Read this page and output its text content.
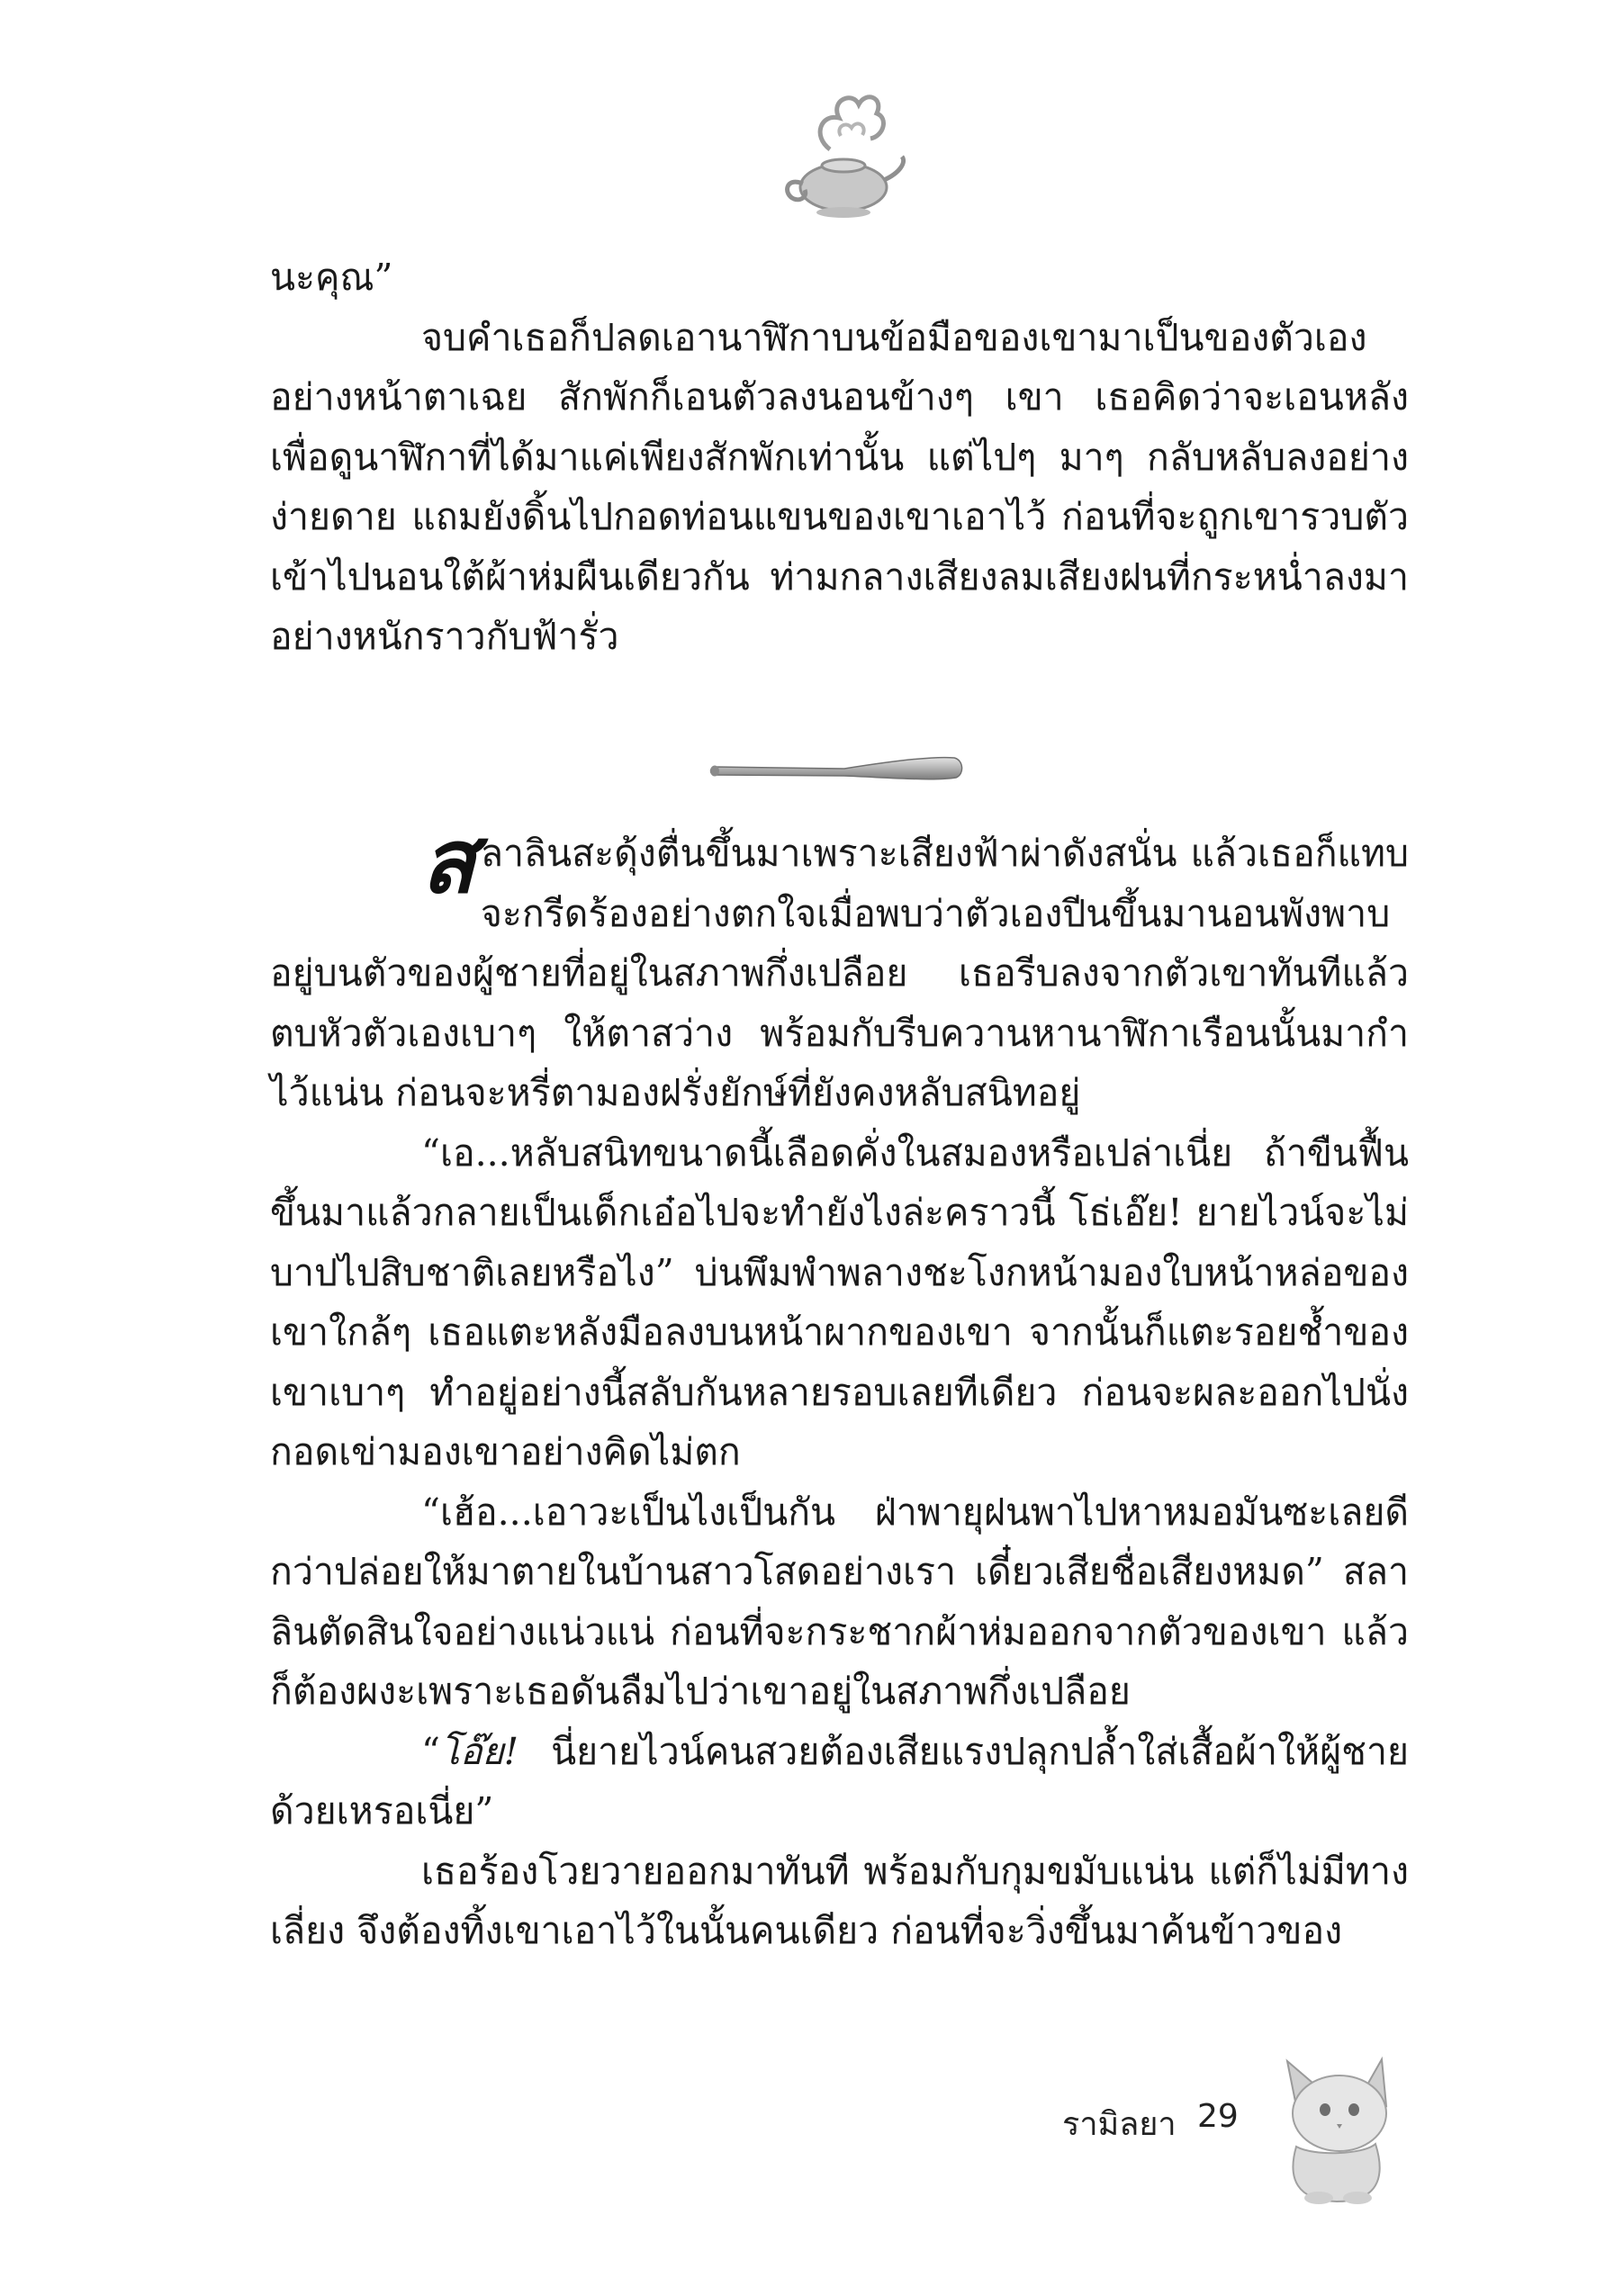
นะคุณ”

จบคำเธอก็ปลดเอานาฬิกาบนข้อมือของเขามาเป็นของตัวเองอย่างหน้าตาเฉย สักพักก็เอนตัวลงนอนข้างๆ เขา เธอคิดว่าจะเอนหลังเพื่อดูนาฬิกาที่ได้มาแค่เพียงสักพักเท่านั้น แต่ไปๆ มาๆ กลับหลับลงอย่างง่ายดาย แถมยังดิ้นไปกอดท่อนแขนของเขาเอาไว้ ก่อนที่จะถูกเขารวบตัวเข้าไปนอนใต้ผ้าห่มผืนเดียวกัน ท่ามกลางเสียงลมเสียงฝนที่กระหน่ำลงมาอย่างหนักราวกับฟ้ารั่ว

ส ลาลินสะดุ้งตื่นขึ้นมาเพราะเสียงฟ้าผ่าดังสนั่น แล้วเธอก็แทบจะกรีดร้องอย่างตกใจเมื่อพบว่าตัวเองปีนขึ้นมานอนพังพาบอยู่บนตัวของผู้ชายที่อยู่ในสภาพกึ่งเปลือย เธอรีบลงจากตัวเขาทันทีแล้วตบหัวตัวเองเบาๆ ให้ตาสว่าง พร้อมกับรีบควานหานาฬิกาเรือนนั้นมากำไว้แน่น ก่อนจะหรี่ตามองฝรั่งยักษ์ที่ยังคงหลับสนิทอยู่

“เอ...หลับสนิทขนาดนี้เลือดคั่งในสมองหรือเปล่าเนี่ย ถ้าขืนฟื้นขึ้นมาแล้วกลายเป็นเด็กเอ๋อไปจะทำยังไงล่ะคราวนี้ โธ่เอ๊ย! ยายไวน์จะไม่บาปไปสิบชาติเลยหรือไง” บ่นพึมพำพลางชะโงกหน้ามองใบหน้าหล่อของเขาใกล้ๆ เธอแตะหลังมือลงบนหน้าผากของเขา จากนั้นก็แตะรอยช้ำของเขาเบาๆ ทำอยู่อย่างนี้สลับกันหลายรอบเลยทีเดียว ก่อนจะผละออกไปนั่งกอดเข่ามองเขาอย่างคิดไม่ตก

“เฮ้อ...เอาวะเป็นไงเป็นกัน ฝ่าพายุฝนพาไปหาหมอมันซะเลยดีกว่าปล่อยให้มาตายในบ้านสาวโสดอย่างเรา เดี๋ยวเสียชื่อเสียงหมด” สลาลินตัดสินใจอย่างแน่วแน่ ก่อนที่จะกระชากผ้าห่มออกจากตัวของเขา แล้วก็ต้องผงะเพราะเธอดันลืมไปว่าเขาอยู่ในสภาพกึ่งเปลือย

“โอ๊ย! นี่ยายไวน์คนสวยต้องเสียแรงปลุกปล้ำใส่เสื้อผ้าให้ผู้ชายด้วยเหรอเนี่ย”

เธอร้องโวยวายออกมาทันที พร้อมกับกุมขมับแน่น แต่ก็ไม่มีทางเลี่ยง จึงต้องทิ้งเขาเอาไว้ในนั้นคนเดียว ก่อนที่จะวิ่งขึ้นมาค้นข้าวของ

รามิลยา 29
